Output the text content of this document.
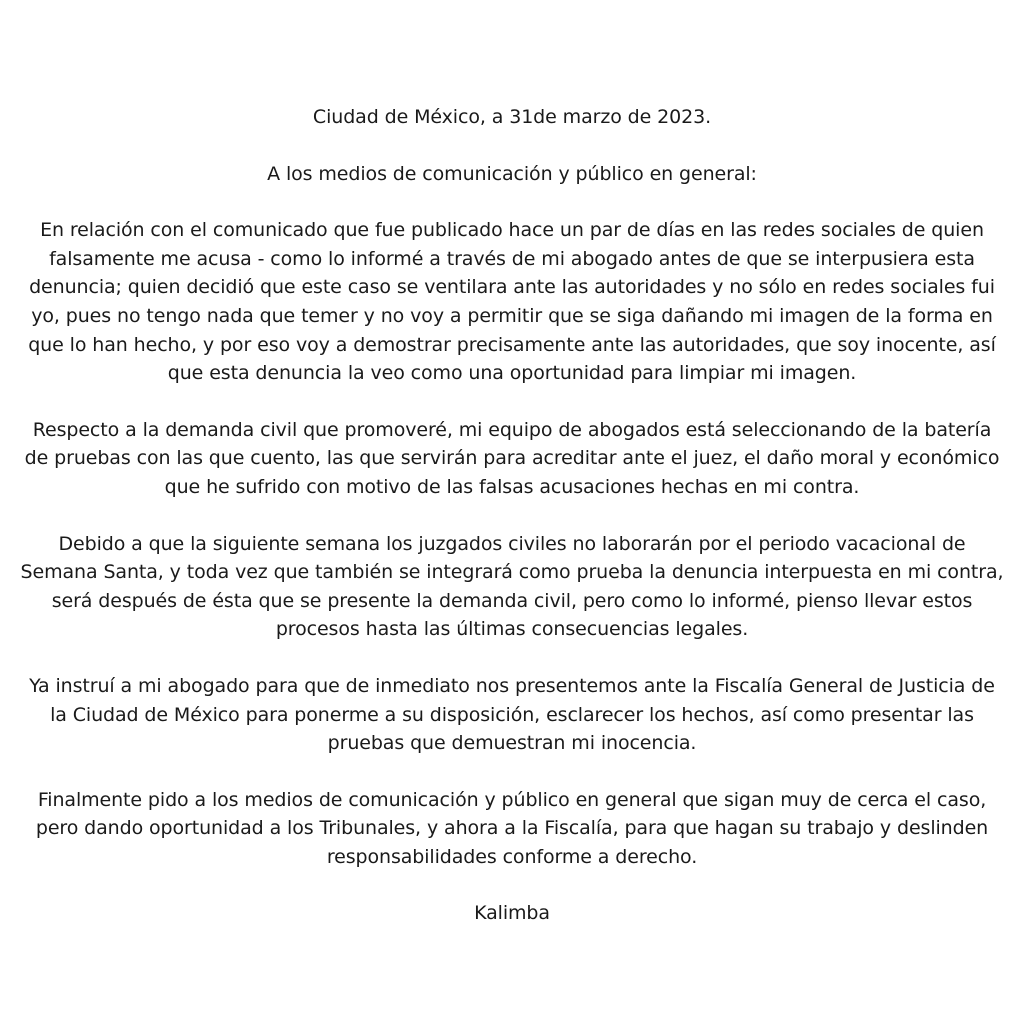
Ciudad de México, a 31de marzo de 2023.

A los medios de comunicación y público en general:

En relación con el comunicado que fue publicado hace un par de días en las redes sociales de quien falsamente me acusa - como lo informé a través de mi abogado antes de que se interpusiera esta denuncia; quien decidió que este caso se ventilara ante las autoridades y no sólo en redes sociales fui yo, pues no tengo nada que temer y no voy a permitir que se siga dañando mi imagen de la forma en que lo han hecho, y por eso voy a demostrar precisamente ante las autoridades, que soy inocente, así que esta denuncia la veo como una oportunidad para limpiar mi imagen.

Respecto a la demanda civil que promoveré, mi equipo de abogados está seleccionando de la batería de pruebas con las que cuento, las que servirán para acreditar ante el juez, el daño moral y económico que he sufrido con motivo de las falsas acusaciones hechas en mi contra.

Debido a que la siguiente semana los juzgados civiles no laborarán por el periodo vacacional de Semana Santa, y toda vez que también se integrará como prueba la denuncia interpuesta en mi contra, será después de ésta que se presente la demanda civil, pero como lo informé, pienso llevar estos procesos hasta las últimas consecuencias legales.

Ya instruí a mi abogado para que de inmediato nos presentemos ante la Fiscalía General de Justicia de la Ciudad de México para ponerme a su disposición, esclarecer los hechos, así como presentar las pruebas que demuestran mi inocencia.

Finalmente pido a los medios de comunicación y público en general que sigan muy de cerca el caso, pero dando oportunidad a los Tribunales, y ahora a la Fiscalía, para que hagan su trabajo y deslinden responsabilidades conforme a derecho.

Kalimba
